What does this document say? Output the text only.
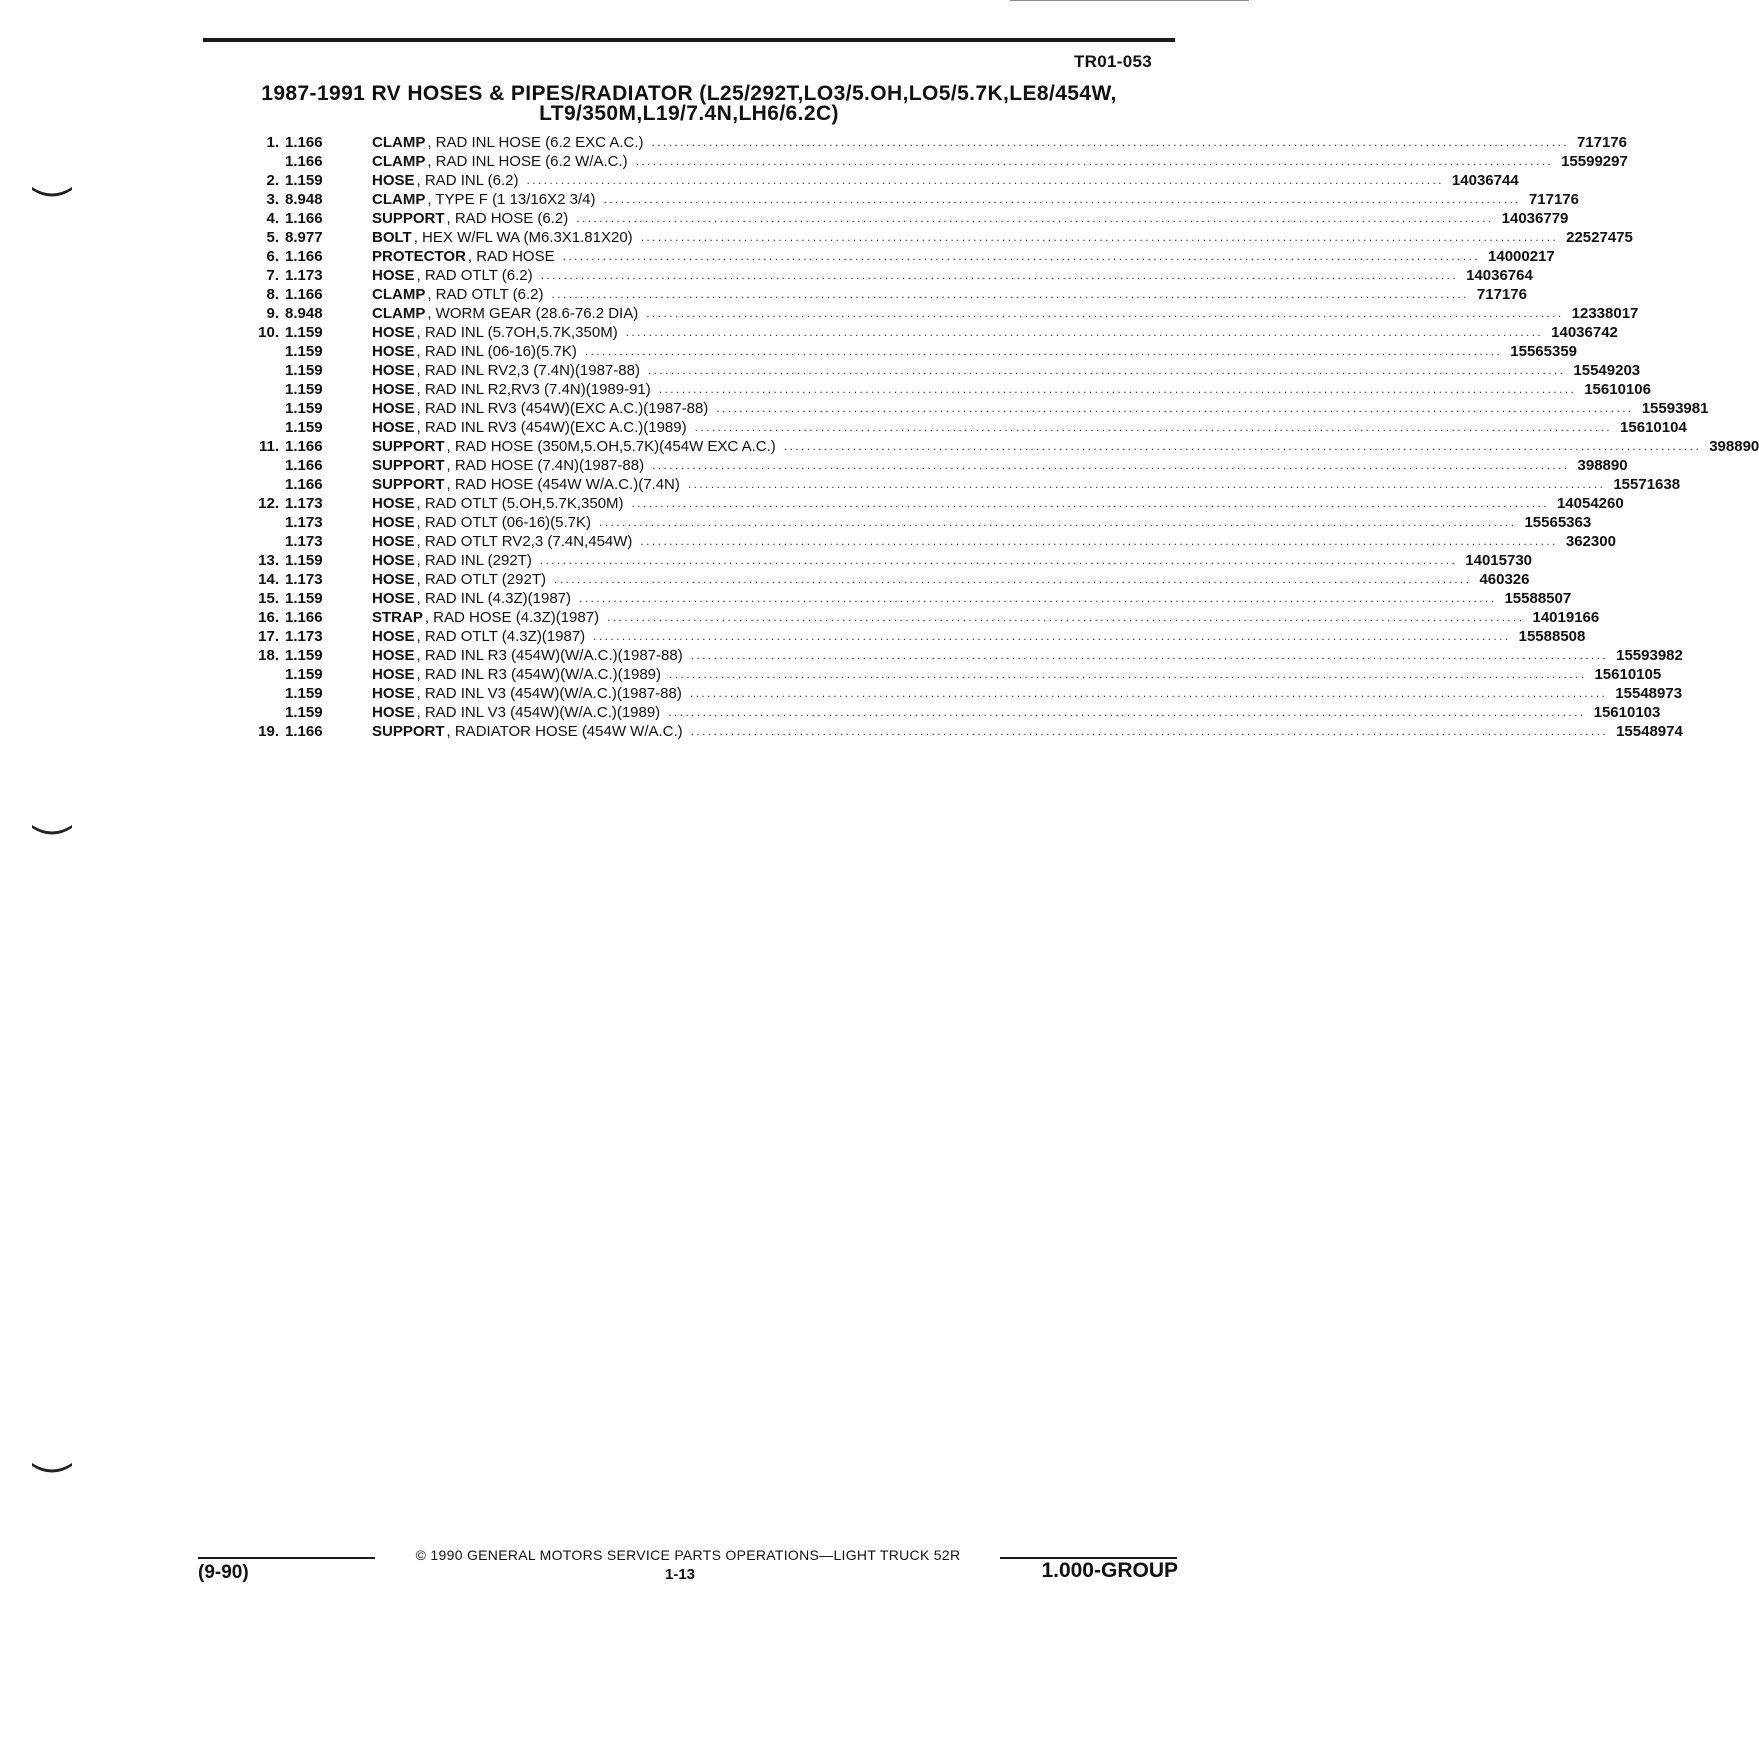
TR01-053
1987-1991 RV HOSES & PIPES/RADIATOR (L25/292T,LO3/5.OH,LO5/5.7K,LE8/454W,
LT9/350M,L19/7.4N,LH6/6.2C)
1. 1.166	CLAMP , RAD INL HOSE (6.2 EXC A.C.) ................................................................................................................................................................ 717176
1.166	CLAMP , RAD INL HOSE (6.2 W/A.C.) ................................................................................................................................................................ 15599297
2. 1.159	HOSE , RAD INL (6.2) ................................................................................................................................................................ 14036744
3. 8.948	CLAMP , TYPE F (1 13/16X2 3/4) ................................................................................................................................................................ 717176
4. 1.166	SUPPORT , RAD HOSE (6.2) ................................................................................................................................................................ 14036779
5. 8.977	BOLT , HEX W/FL WA (M6.3X1.81X20) ................................................................................................................................................................ 22527475
6. 1.166	PROTECTOR , RAD HOSE ................................................................................................................................................................ 14000217
7. 1.173	HOSE , RAD OTLT (6.2) ................................................................................................................................................................ 14036764
8. 1.166	CLAMP , RAD OTLT (6.2) ................................................................................................................................................................ 717176
9. 8.948	CLAMP , WORM GEAR (28.6-76.2 DIA) ................................................................................................................................................................ 12338017
10. 1.159	HOSE , RAD INL (5.7OH,5.7K,350M) ................................................................................................................................................................ 14036742
1.159	HOSE , RAD INL (06-16)(5.7K) ................................................................................................................................................................ 15565359
1.159	HOSE , RAD INL RV2,3 (7.4N)(1987-88) ................................................................................................................................................................ 15549203
1.159	HOSE , RAD INL R2,RV3 (7.4N)(1989-91) ................................................................................................................................................................ 15610106
1.159	HOSE , RAD INL RV3 (454W)(EXC A.C.)(1987-88) ................................................................................................................................................................ 15593981
1.159	HOSE , RAD INL RV3 (454W)(EXC A.C.)(1989) ................................................................................................................................................................ 15610104
11. 1.166	SUPPORT , RAD HOSE (350M,5.OH,5.7K)(454W EXC A.C.) ................................................................................................................................................................ 398890
1.166	SUPPORT , RAD HOSE (7.4N)(1987-88) ................................................................................................................................................................ 398890
1.166	SUPPORT , RAD HOSE (454W W/A.C.)(7.4N) ................................................................................................................................................................ 15571638
12. 1.173	HOSE , RAD OTLT (5.OH,5.7K,350M) ................................................................................................................................................................ 14054260
1.173	HOSE , RAD OTLT (06-16)(5.7K) ................................................................................................................................................................ 15565363
1.173	HOSE , RAD OTLT RV2,3 (7.4N,454W) ................................................................................................................................................................ 362300
13. 1.159	HOSE , RAD INL (292T) ................................................................................................................................................................ 14015730
14. 1.173	HOSE , RAD OTLT (292T) ................................................................................................................................................................ 460326
15. 1.159	HOSE , RAD INL (4.3Z)(1987) ................................................................................................................................................................ 15588507
16. 1.166	STRAP , RAD HOSE (4.3Z)(1987) ................................................................................................................................................................ 14019166
17. 1.173	HOSE , RAD OTLT (4.3Z)(1987) ................................................................................................................................................................ 15588508
18. 1.159	HOSE , RAD INL R3 (454W)(W/A.C.)(1987-88) ................................................................................................................................................................ 15593982
1.159	HOSE , RAD INL R3 (454W)(W/A.C.)(1989) ................................................................................................................................................................ 15610105
1.159	HOSE , RAD INL V3 (454W)(W/A.C.)(1987-88) ................................................................................................................................................................ 15548973
1.159	HOSE , RAD INL V3 (454W)(W/A.C.)(1989) ................................................................................................................................................................ 15610103
19. 1.166	SUPPORT , RADIATOR HOSE (454W W/A.C.) ................................................................................................................................................................ 15548974
© 1990 GENERAL MOTORS SERVICE PARTS OPERATIONS—LIGHT TRUCK 52R
(9-90)	1-13	1.000-GROUP
